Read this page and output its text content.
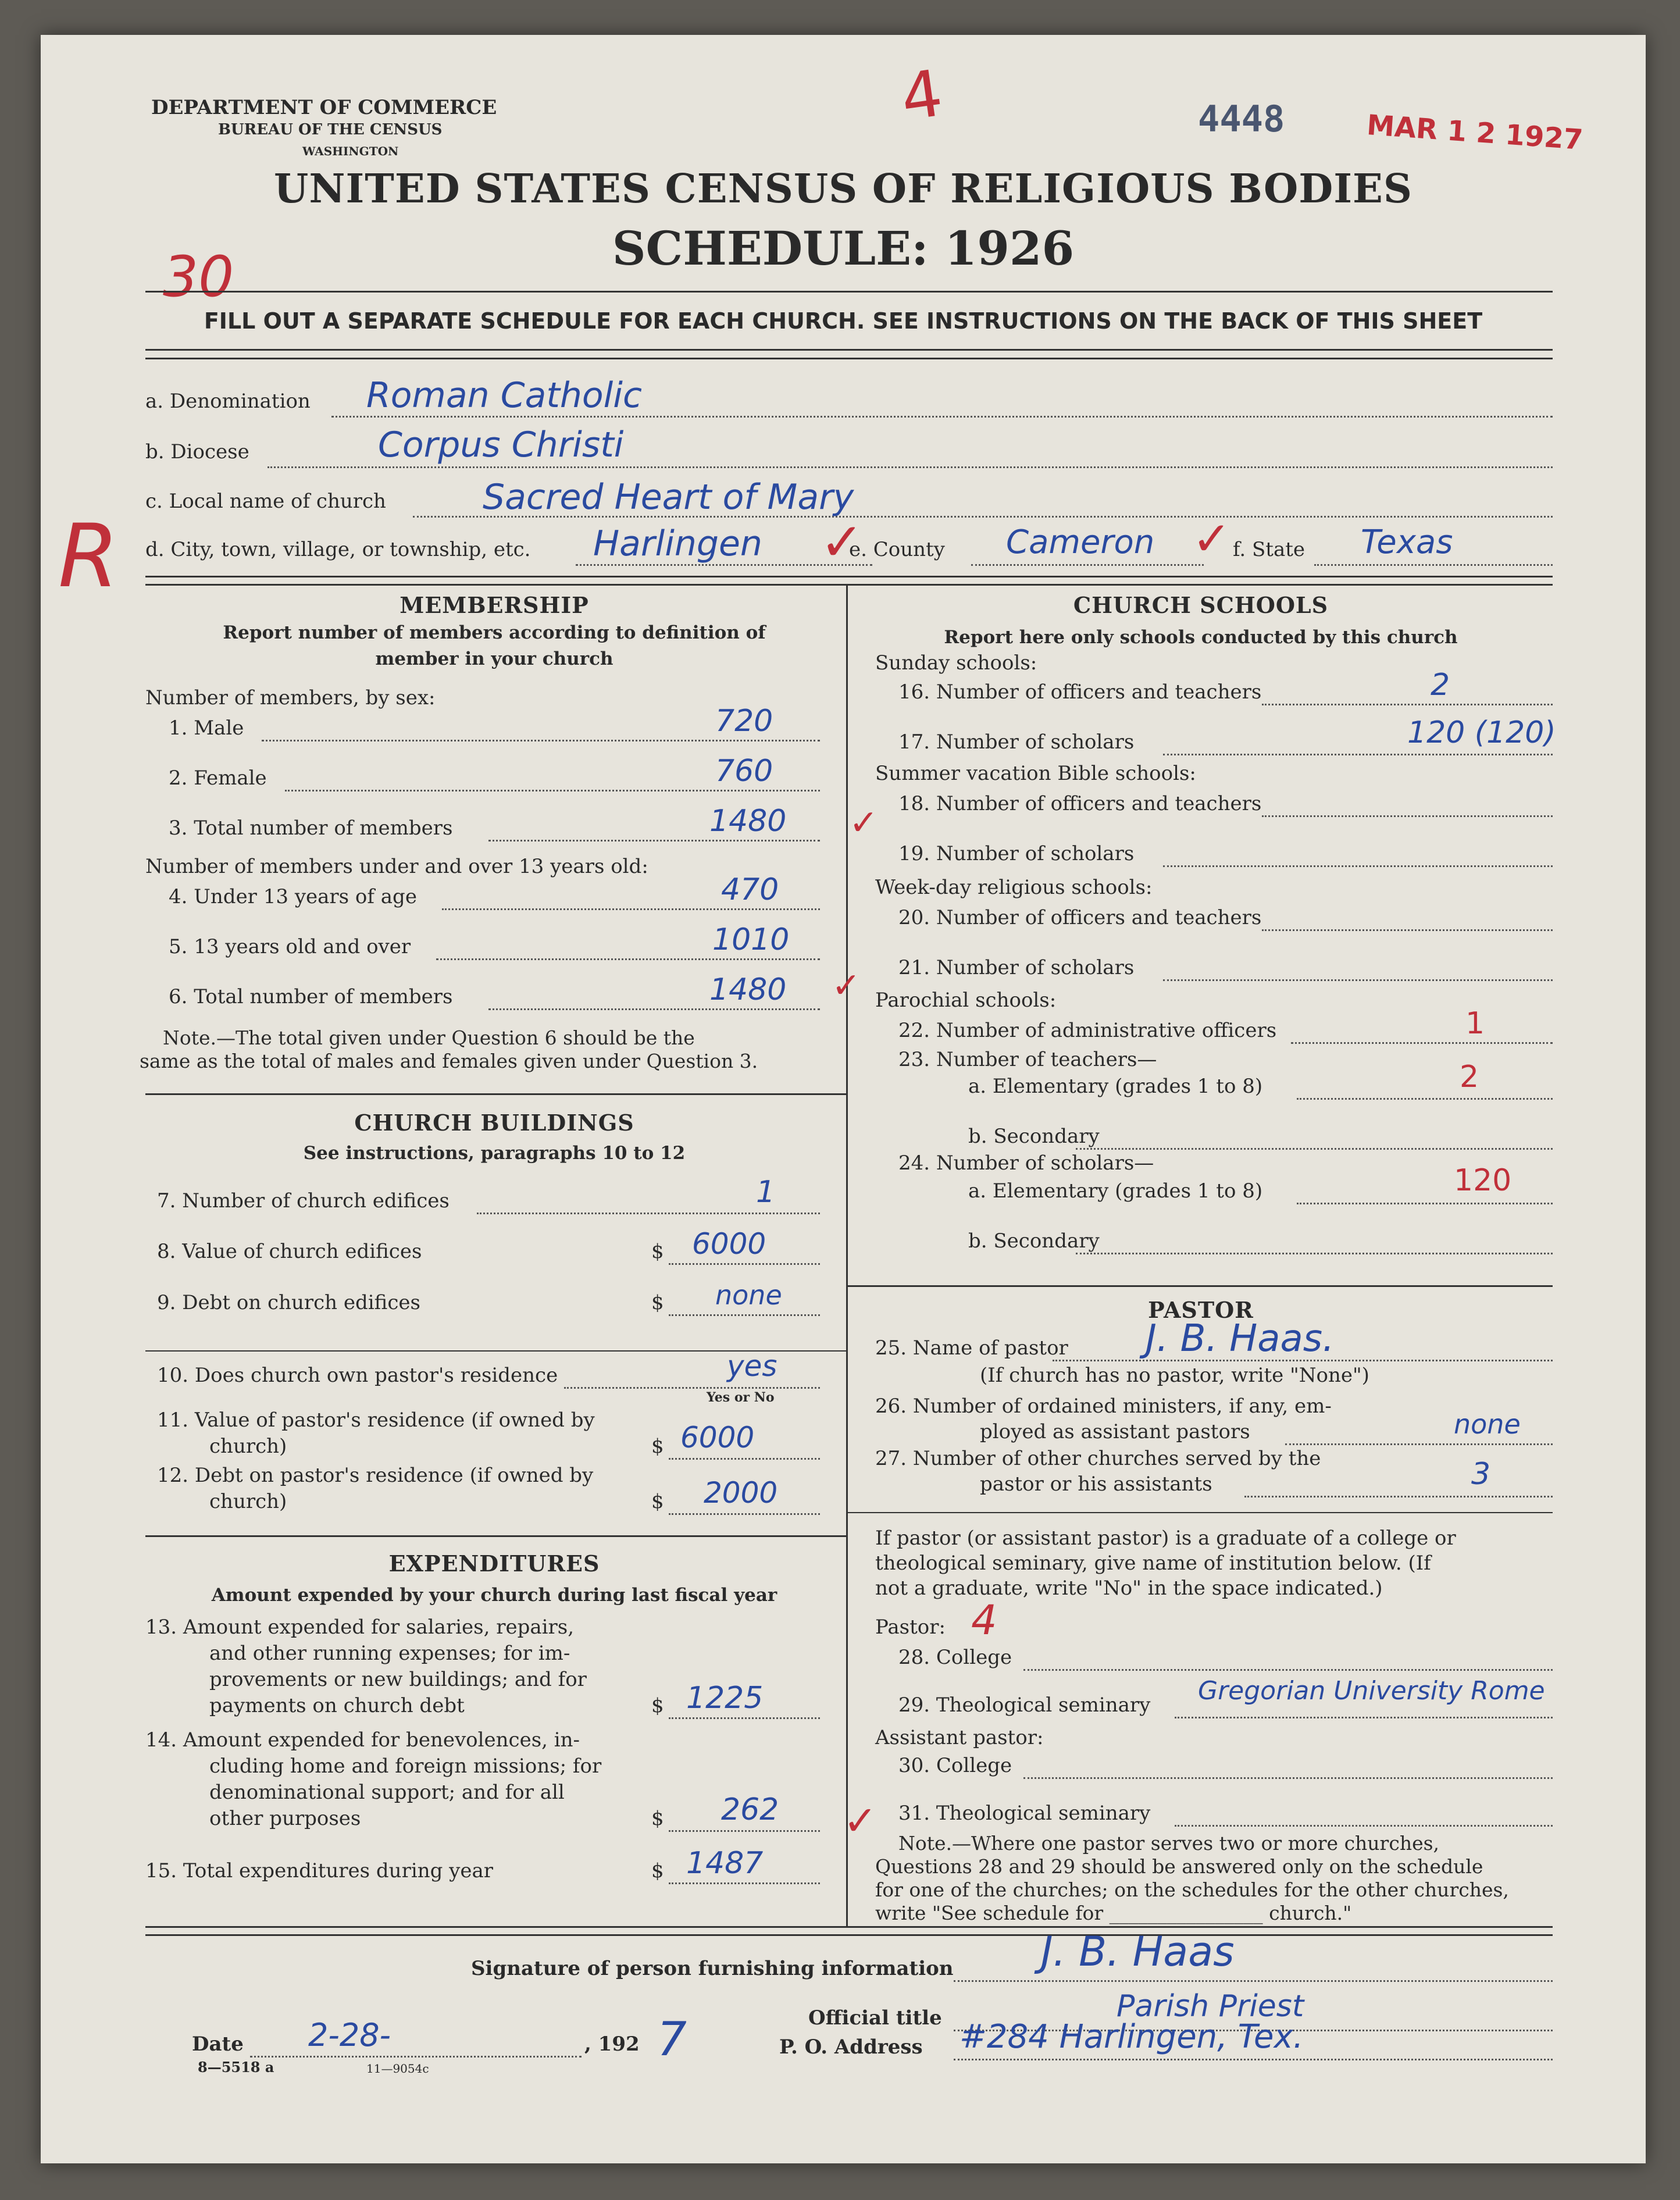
DEPARTMENT OF COMMERCE
BUREAU OF THE CENSUS
WASHINGTON
4448	MAR 1 2 1927
4
30
R
UNITED STATES CENSUS OF RELIGIOUS BODIES
SCHEDULE: 1926
FILL OUT A SEPARATE SCHEDULE FOR EACH CHURCH. SEE INSTRUCTIONS ON THE BACK OF THIS SHEET
a. Denomination Roman Catholic
b. Diocese	Corpus Christi
c. Local name of church	Sacred Heart of Mary
d. City, town, village, or township, etc. Harlingen ✓
e. County Cameron ✓ f. State Texas
MEMBERSHIP
Report number of members according to definition of
member in your church
Number of members, by sex:
1. Male	720
2. Female	760
3. Total number of members	1480 ✓
Number of members under and over 13 years old:
4. Under 13 years of age	470
5. 13 years old and over	1010
6. Total number of members	1480 ✓
Note.—The total given under Question 6 should be the
same as the total of males and females given under Question 3.
CHURCH BUILDINGS
See instructions, paragraphs 10 to 12
7. Number of church edifices	1
8. Value of church edifices	$ 6000
9. Debt on church edifices	$ none
10. Does church own pastor's residence	yes
Yes or No
11. Value of pastor's residence (if owned by
church)	$ 6000
12. Debt on pastor's residence (if owned by
church)	$ 2000
EXPENDITURES
Amount expended by your church during last fiscal year
13. Amount expended for salaries, repairs,
and other running expenses; for im-
provements or new buildings; and for
payments on church debt	$ 1225
14. Amount expended for benevolences, in-
cluding home and foreign missions; for
denominational support; and for all
other purposes	$ 262 ✓
15. Total expenditures during year	$ 1487
CHURCH SCHOOLS
Report here only schools conducted by this church
Sunday schools:
16. Number of officers and teachers	2
17. Number of scholars	120 (120)
Summer vacation Bible schools:
18. Number of officers and teachers
19. Number of scholars
Week-day religious schools:
20. Number of officers and teachers
21. Number of scholars
Parochial schools:
22. Number of administrative officers	1
23. Number of teachers—
a. Elementary (grades 1 to 8)	2
b. Secondary
24. Number of scholars—
a. Elementary (grades 1 to 8)	120
b. Secondary
PASTOR
25. Name of pastor J. B. Haas.
(If church has no pastor, write "None")
26. Number of ordained ministers, if any, em-
ployed as assistant pastors	none
27. Number of other churches served by the
pastor or his assistants	3
If pastor (or assistant pastor) is a graduate of a college or
theological seminary, give name of institution below. (If
not a graduate, write "No" in the space indicated.)
Pastor: 4
28. College
29. Theological seminary Gregorian University Rome
Assistant pastor:
30. College
31. Theological seminary
Note.—Where one pastor serves two or more churches,
Questions 28 and 29 should be answered only on the schedule
for one of the churches; on the schedules for the other churches,
write "See schedule for ________________ church."
Signature of person furnishing information J. B. Haas
Official title	Parish Priest
Date 2-28-	, 192 7	P. O. Address #284 Harlingen, Tex.
8—5518 a	11—9054c
